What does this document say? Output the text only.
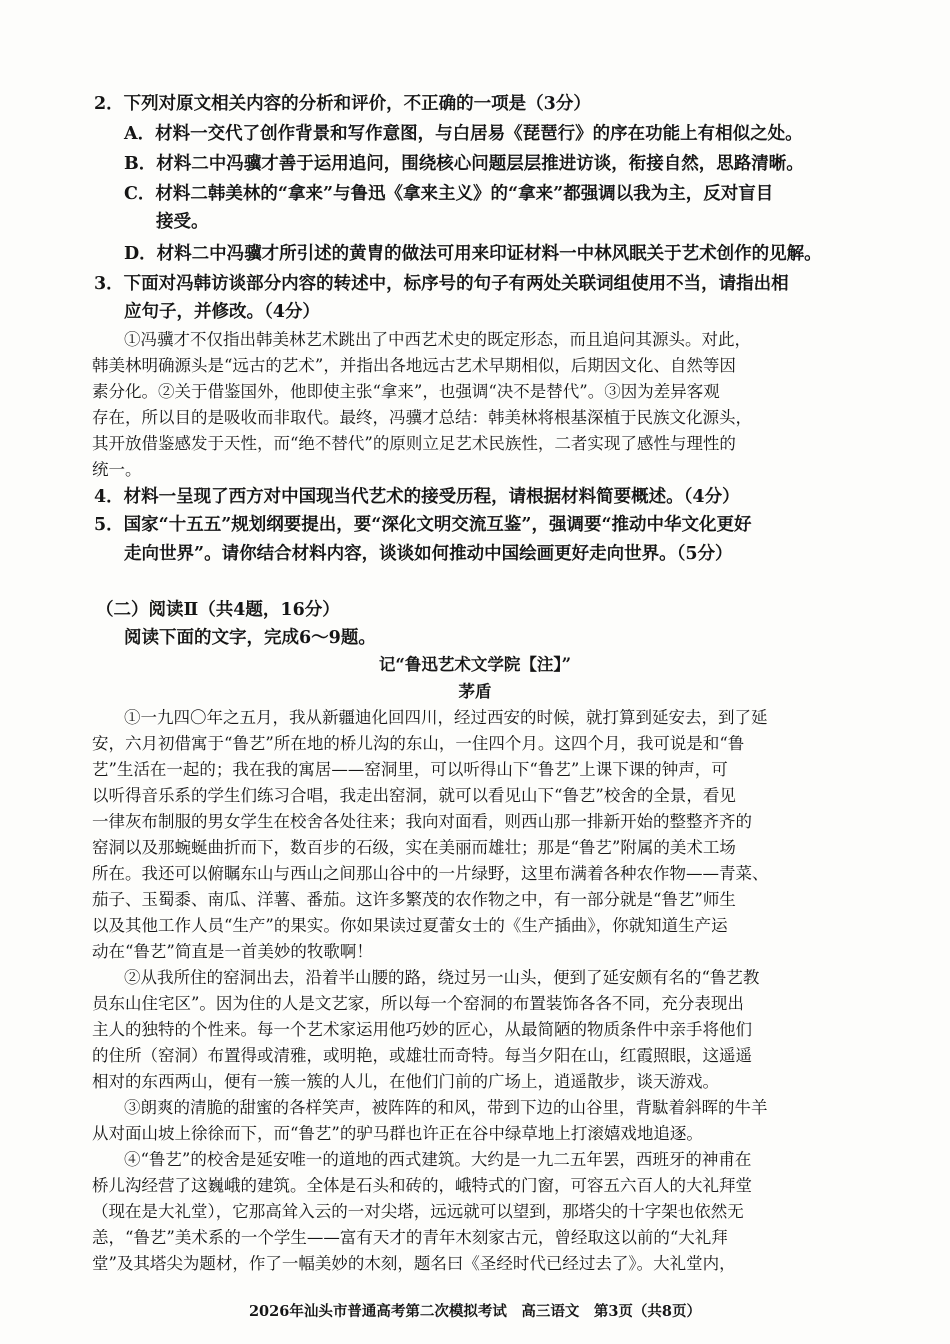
2．下列对原文相关内容的分析和评价，不正确的一项是（3分）
A．材料一交代了创作背景和写作意图，与白居易《琵琶行》的序在功能上有相似之处。
B．材料二中冯骥才善于运用追问，围绕核心问题层层推进访谈，衔接自然，思路清晰。
C．材料二韩美林的“拿来”与鲁迅《拿来主义》的“拿来”都强调以我为主，反对盲目
接受。
D．材料二中冯骥才所引述的黄胄的做法可用来印证材料一中林风眠关于艺术创作的见解。
3．下面对冯韩访谈部分内容的转述中，标序号的句子有两处关联词组使用不当，请指出相
应句子，并修改。（4分）
①冯骥才不仅指出韩美林艺术跳出了中西艺术史的既定形态，而且追问其源头。对此，
韩美林明确源头是“远古的艺术”，并指出各地远古艺术早期相似，后期因文化、自然等因
素分化。②关于借鉴国外，他即使主张“拿来”，也强调“决不是替代”。③因为差异客观
存在，所以目的是吸收而非取代。最终，冯骥才总结：韩美林将根基深植于民族文化源头，
其开放借鉴感发于天性，而“绝不替代”的原则立足艺术民族性，二者实现了感性与理性的
统一。
4．材料一呈现了西方对中国现当代艺术的接受历程，请根据材料简要概述。（4分）
5．国家“十五五”规划纲要提出，要“深化文明交流互鉴”，强调要“推动中华文化更好
走向世界”。请你结合材料内容，谈谈如何推动中国绘画更好走向世界。（5分）
（二）阅读Ⅱ（共4题，16分）
阅读下面的文字，完成6～9题。
记“鲁迅艺术文学院【注】”
茅盾
①一九四〇年之五月，我从新疆迪化回四川，经过西安的时候，就打算到延安去，到了延
安，六月初借寓于“鲁艺”所在地的桥儿沟的东山，一住四个月。这四个月，我可说是和“鲁
艺”生活在一起的；我在我的寓居——窑洞里，可以听得山下“鲁艺”上课下课的钟声，可
以听得音乐系的学生们练习合唱，我走出窑洞，就可以看见山下“鲁艺”校舍的全景，看见
一律灰布制服的男女学生在校舍各处往来；我向对面看，则西山那一排新开始的整整齐齐的
窑洞以及那蜿蜒曲折而下，数百步的石级，实在美丽而雄壮；那是“鲁艺”附属的美术工场
所在。我还可以俯瞩东山与西山之间那山谷中的一片绿野，这里布满着各种农作物——青菜、
茄子、玉蜀黍、南瓜、洋薯、番茄。这许多繁茂的农作物之中，有一部分就是“鲁艺”师生
以及其他工作人员“生产”的果实。你如果读过夏蕾女士的《生产插曲》，你就知道生产运
动在“鲁艺”简直是一首美妙的牧歌啊！
②从我所住的窑洞出去，沿着半山腰的路，绕过另一山头，便到了延安颇有名的“鲁艺教
员东山住宅区”。因为住的人是文艺家，所以每一个窑洞的布置装饰各各不同，充分表现出
主人的独特的个性来。每一个艺术家运用他巧妙的匠心，从最简陋的物质条件中亲手将他们
的住所（窑洞）布置得或清雅，或明艳，或雄壮而奇特。每当夕阳在山，红霞照眼，这遥遥
相对的东西两山，便有一簇一簇的人儿，在他们门前的广场上，逍遥散步，谈天游戏。
③朗爽的清脆的甜蜜的各样笑声，被阵阵的和风，带到下边的山谷里，背駄着斜晖的牛羊
从对面山坡上徐徐而下，而“鲁艺”的驴马群也许正在谷中绿草地上打滚嬉戏地追逐。
④“鲁艺”的校舍是延安唯一的道地的西式建筑。大约是一九二五年罢，西班牙的神甫在
桥儿沟经营了这巍峨的建筑。全体是石头和砖的，峨特式的门窗，可容五六百人的大礼拜堂
（现在是大礼堂），它那高耸入云的一对尖塔，远远就可以望到，那塔尖的十字架也依然无
恙，“鲁艺”美术系的一个学生——富有天才的青年木刻家古元，曾经取这以前的“大礼拜
堂”及其塔尖为题材，作了一幅美妙的木刻，题名曰《圣经时代已经过去了》。大礼堂内，
2026年汕头市普通高考第二次模拟考试　高三语文　第3页（共8页）
